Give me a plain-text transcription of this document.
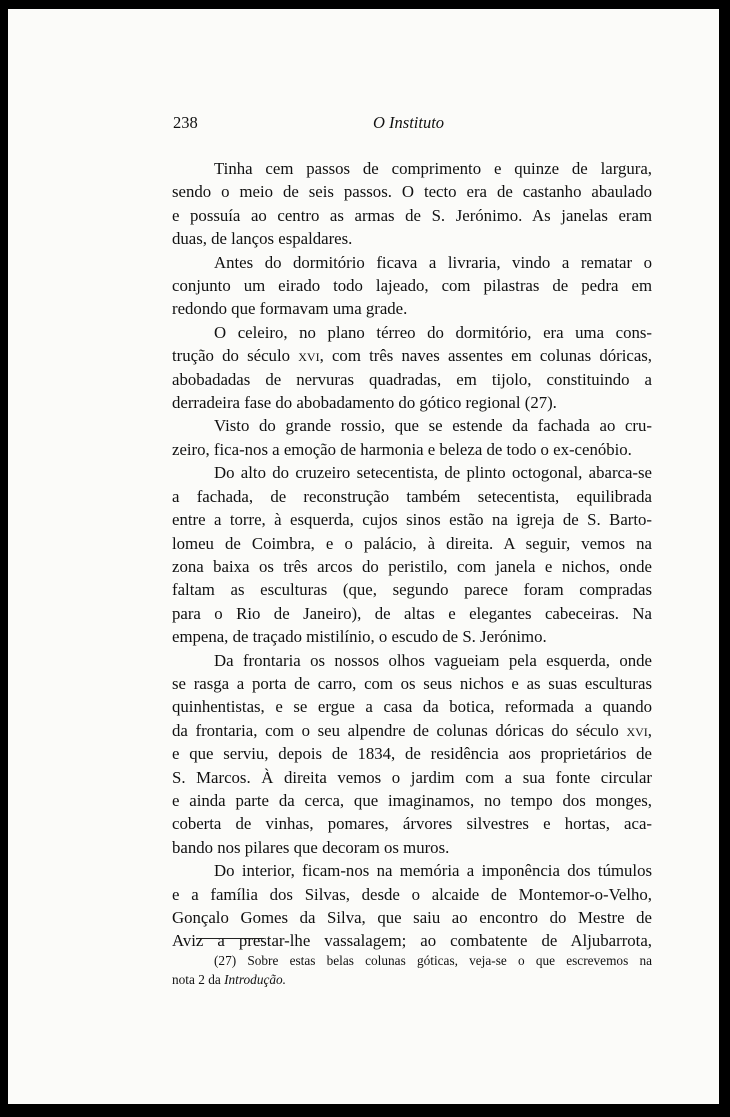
238	O Instituto
Tinha cem passos de comprimento e quinze de largura,
sendo o meio de seis passos. O tecto era de castanho abaulado
e possuía ao centro as armas de S. Jerónimo. As janelas eram
duas, de lanços espaldares.
Antes do dormitório ficava a livraria, vindo a rematar o
conjunto um eirado todo lajeado, com pilastras de pedra em
redondo que formavam uma grade.
O celeiro, no plano térreo do dormitório, era uma cons-
trução do século xvi, com três naves assentes em colunas dóricas,
abobadadas de nervuras quadradas, em tijolo, constituindo a
derradeira fase do abobadamento do gótico regional (27).
Visto do grande rossio, que se estende da fachada ao cru-
zeiro, fica-nos a emoção de harmonia e beleza de todo o ex-cenóbio.
Do alto do cruzeiro setecentista, de plinto octogonal, abarca-se
a fachada, de reconstrução também setecentista, equilibrada
entre a torre, à esquerda, cujos sinos estão na igreja de S. Barto-
lomeu de Coimbra, e o palácio, à direita. A seguir, vemos na
zona baixa os três arcos do peristilo, com janela e nichos, onde
faltam as esculturas (que, segundo parece foram compradas
para o Rio de Janeiro), de altas e elegantes cabeceiras. Na
empena, de traçado mistilínio, o escudo de S. Jerónimo.
Da frontaria os nossos olhos vagueiam pela esquerda, onde
se rasga a porta de carro, com os seus nichos e as suas esculturas
quinhentistas, e se ergue a casa da botica, reformada a quando
da frontaria, com o seu alpendre de colunas dóricas do século xvi,
e que serviu, depois de 1834, de residência aos proprietários de
S. Marcos. À direita vemos o jardim com a sua fonte circular
e ainda parte da cerca, que imaginamos, no tempo dos monges,
coberta de vinhas, pomares, árvores silvestres e hortas, aca-
bando nos pilares que decoram os muros.
Do interior, ficam-nos na memória a imponência dos túmulos
e a família dos Silvas, desde o alcaide de Montemor-o-Velho,
Gonçalo Gomes da Silva, que saiu ao encontro do Mestre de
Aviz a prestar-lhe vassalagem; ao combatente de Aljubarrota,
(27) Sobre estas belas colunas góticas, veja-se o que escrevemos na
nota 2 da Introdução.
